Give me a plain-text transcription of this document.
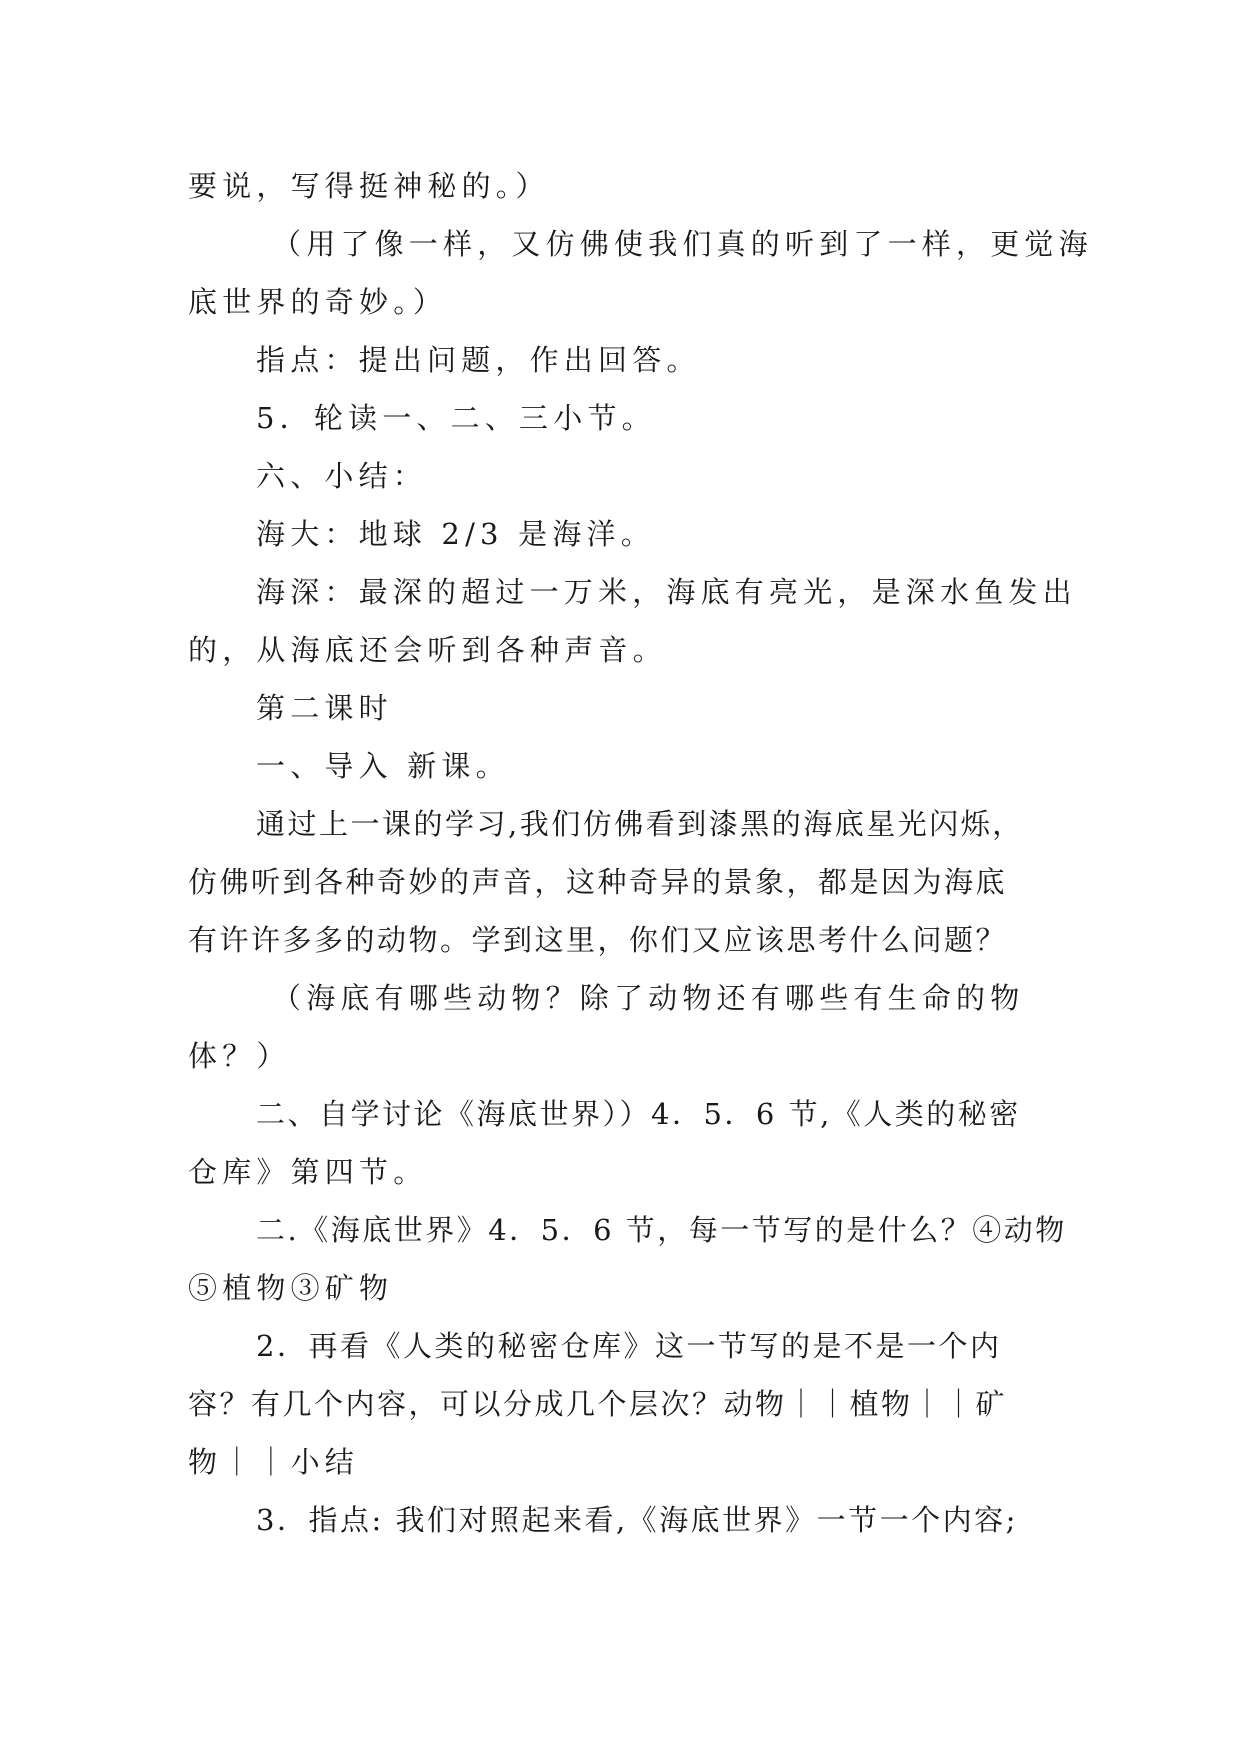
要说，写得挺神秘的。）
（用了像一样，又仿佛使我们真的听到了一样，更觉海
底世界的奇妙。）
指点：提出问题，作出回答。
5．轮读一、二、三小节。
六、小结：
海大：地球 2/3 是海洋。
海深：最深的超过一万米，海底有亮光，是深水鱼发出
的，从海底还会听到各种声音。
第二课时
一、导入 新课。
通过上一课的学习,我们仿佛看到漆黑的海底星光闪烁，
仿佛听到各种奇妙的声音，这种奇异的景象，都是因为海底
有许许多多的动物。学到这里，你们又应该思考什么问题？
（海底有哪些动物？除了动物还有哪些有生命的物
体？）
二、自学讨论《海底世界））4．5．6 节,《人类的秘密
仓库》第四节。
二.《海底世界》4．5．6 节，每一节写的是什么？④动物
⑤植物③矿物
2．再看《人类的秘密仓库》这一节写的是不是一个内
容？有几个内容，可以分成几个层次？动物｜｜植物｜｜矿
物｜｜小结
3．指点: 我们对照起来看,《海底世界》一节一个内容;
